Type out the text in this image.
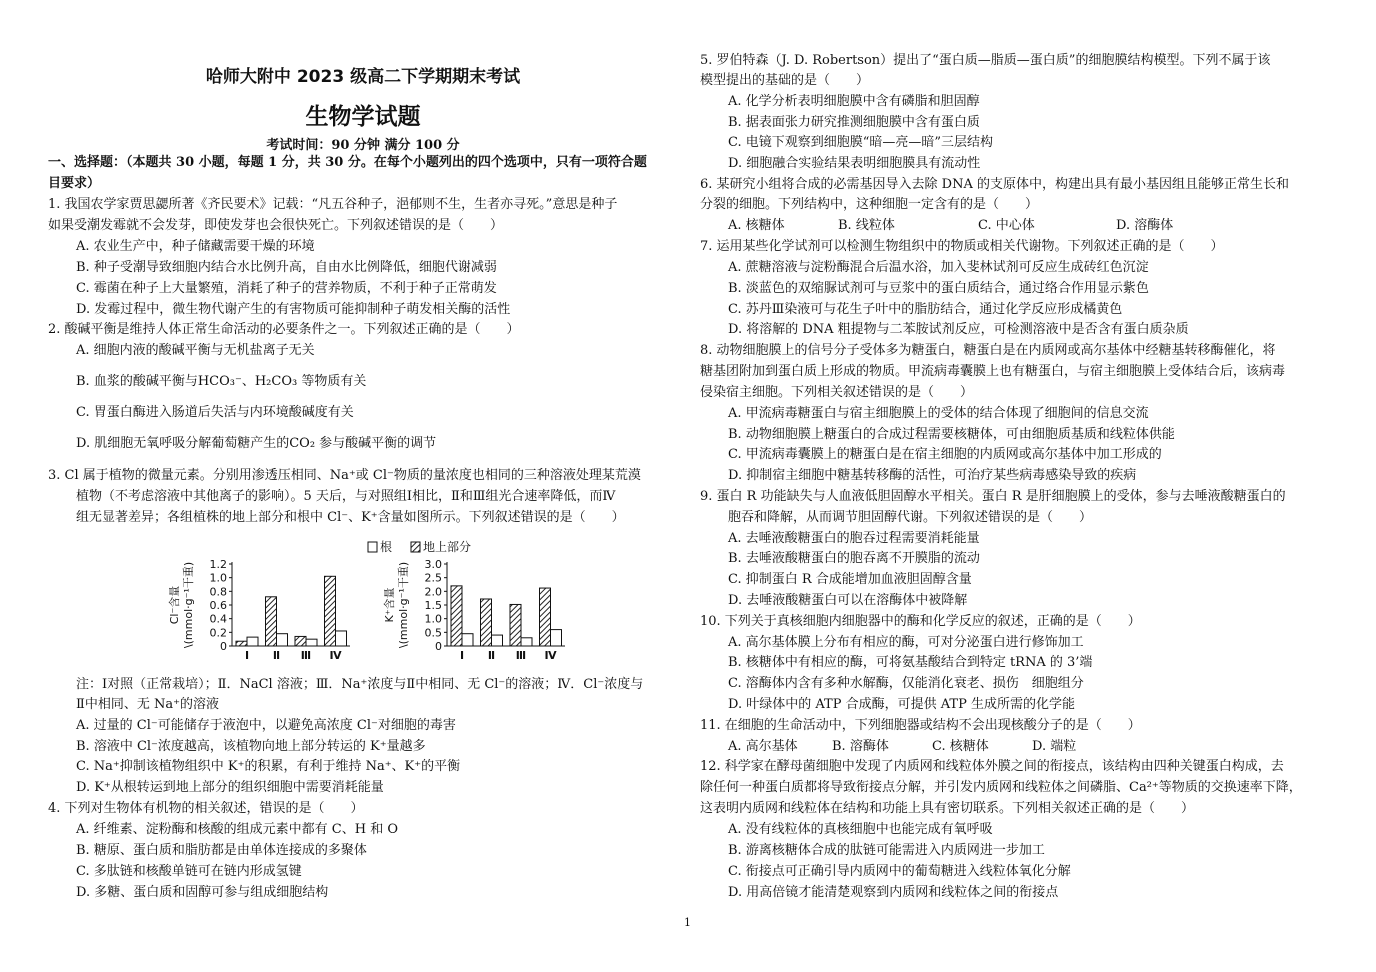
哈师大附中 2023 级高二下学期期末考试
生物学试题
考试时间：90 分钟 满分 100 分
一、选择题：（本题共 30 小题，每题 1 分，共 30 分。在每个小题列出的四个选项中，只有一项符合题
目要求）
1. 我国农学家贾思勰所著《齐民要术》记载：“凡五谷种子，浥郁则不生，生者亦寻死。”意思是种子
如果受潮发霉就不会发芽，即使发芽也会很快死亡。下列叙述错误的是（　　）
A. 农业生产中，种子储藏需要干燥的环境
B. 种子受潮导致细胞内结合水比例升高，自由水比例降低，细胞代谢减弱
C. 霉菌在种子上大量繁殖，消耗了种子的营养物质，不利于种子正常萌发
D. 发霉过程中，微生物代谢产生的有害物质可能抑制种子萌发相关酶的活性
2. 酸碱平衡是维持人体正常生命活动的必要条件之一。下列叙述正确的是（　　）
A. 细胞内液的酸碱平衡与无机盐离子无关
B. 血浆的酸碱平衡与HCO₃⁻、H₂CO₃ 等物质有关
C. 胃蛋白酶进入肠道后失活与内环境酸碱度有关
D. 肌细胞无氧呼吸分解葡萄糖产生的CO₂ 参与酸碱平衡的调节
3. Cl 属于植物的微量元素。分别用渗透压相同、Na⁺或 Cl⁻物质的量浓度也相同的三种溶液处理某荒漠
植物（不考虑溶液中其他离子的影响）。5 天后，与对照组Ⅰ相比，Ⅱ和Ⅲ组光合速率降低，而Ⅳ
组无显著差异；各组植株的地上部分和根中 Cl⁻、K⁺含量如图所示。下列叙述错误的是（　　）
根	地上部分
0
0.2
0.4
0.6
0.8
1.0
1.2
Cl⁻含量 \(mmol·g⁻¹干重)
Ⅰ Ⅱ Ⅲ Ⅳ
0
0.5
1.0
1.5
2.0
2.5
3.0
K⁺含量 \(mmol·g⁻¹干重)
Ⅰ Ⅱ Ⅲ Ⅳ
注：Ⅰ对照（正常栽培）；Ⅱ．NaCl 溶液；Ⅲ．Na⁺浓度与Ⅱ中相同、无 Cl⁻的溶液；Ⅳ．Cl⁻浓度与
Ⅱ中相同、无 Na⁺的溶液
A. 过量的 Cl⁻可能储存于液泡中，以避免高浓度 Cl⁻对细胞的毒害
B. 溶液中 Cl⁻浓度越高，该植物向地上部分转运的 K⁺量越多
C. Na⁺抑制该植物组织中 K⁺的积累，有利于维持 Na⁺、K⁺的平衡
D. K⁺从根转运到地上部分的组织细胞中需要消耗能量
4. 下列对生物体有机物的相关叙述，错误的是（　　）
A. 纤维素、淀粉酶和核酸的组成元素中都有 C、H 和 O
B. 糖原、蛋白质和脂肪都是由单体连接成的多聚体
C. 多肽链和核酸单链可在链内形成氢键
D. 多糖、蛋白质和固醇可参与组成细胞结构
5. 罗伯特森（J. D. Robertson）提出了“蛋白质—脂质—蛋白质”的细胞膜结构模型。下列不属于该
模型提出的基础的是（　　）
A. 化学分析表明细胞膜中含有磷脂和胆固醇
B. 据表面张力研究推测细胞膜中含有蛋白质
C. 电镜下观察到细胞膜“暗—亮—暗”三层结构
D. 细胞融合实验结果表明细胞膜具有流动性
6. 某研究小组将合成的必需基因导入去除 DNA 的支原体中，构建出具有最小基因组且能够正常生长和
分裂的细胞。下列结构中，这种细胞一定含有的是（　　）
A. 核糖体	B. 线粒体	C. 中心体	D. 溶酶体
7. 运用某些化学试剂可以检测生物组织中的物质或相关代谢物。下列叙述正确的是（　　）
A. 蔗糖溶液与淀粉酶混合后温水浴，加入斐林试剂可反应生成砖红色沉淀
B. 淡蓝色的双缩脲试剂可与豆浆中的蛋白质结合，通过络合作用显示紫色
C. 苏丹Ⅲ染液可与花生子叶中的脂肪结合，通过化学反应形成橘黄色
D. 将溶解的 DNA 粗提物与二苯胺试剂反应，可检测溶液中是否含有蛋白质杂质
8. 动物细胞膜上的信号分子受体多为糖蛋白，糖蛋白是在内质网或高尔基体中经糖基转移酶催化，将
糖基团附加到蛋白质上形成的物质。甲流病毒囊膜上也有糖蛋白，与宿主细胞膜上受体结合后，该病毒
侵染宿主细胞。下列相关叙述错误的是（　　）
A. 甲流病毒糖蛋白与宿主细胞膜上的受体的结合体现了细胞间的信息交流
B. 动物细胞膜上糖蛋白的合成过程需要核糖体，可由细胞质基质和线粒体供能
C. 甲流病毒囊膜上的糖蛋白是在宿主细胞的内质网或高尔基体中加工形成的
D. 抑制宿主细胞中糖基转移酶的活性，可治疗某些病毒感染导致的疾病
9. 蛋白 R 功能缺失与人血液低胆固醇水平相关。蛋白 R 是肝细胞膜上的受体，参与去唾液酸糖蛋白的
胞吞和降解，从而调节胆固醇代谢。下列叙述错误的是（　　）
A. 去唾液酸糖蛋白的胞吞过程需要消耗能量
B. 去唾液酸糖蛋白的胞吞离不开膜脂的流动
C. 抑制蛋白 R 合成能增加血液胆固醇含量
D. 去唾液酸糖蛋白可以在溶酶体中被降解
10. 下列关于真核细胞内细胞器中的酶和化学反应的叙述，正确的是（　　）
A. 高尔基体膜上分布有相应的酶，可对分泌蛋白进行修饰加工
B. 核糖体中有相应的酶，可将氨基酸结合到特定 tRNA 的 3’端
C. 溶酶体内含有多种水解酶，仅能消化衰老、损伤　细胞组分
D. 叶绿体中的 ATP 合成酶，可提供 ATP 生成所需的化学能
11. 在细胞的生命活动中，下列细胞器或结构不会出现核酸分子的是（　　）
A. 高尔基体	B. 溶酶体	C. 核糖体	D. 端粒
12. 科学家在酵母菌细胞中发现了内质网和线粒体外膜之间的衔接点，该结构由四种关键蛋白构成，去
除任何一种蛋白质都将导致衔接点分解，并引发内质网和线粒体之间磷脂、Ca²⁺等物质的交换速率下降，
这表明内质网和线粒体在结构和功能上具有密切联系。下列相关叙述正确的是（　　）
A. 没有线粒体的真核细胞中也能完成有氧呼吸
B. 游离核糖体合成的肽链可能需进入内质网进一步加工
C. 衔接点可正确引导内质网中的葡萄糖进入线粒体氧化分解
D. 用高倍镜才能清楚观察到内质网和线粒体之间的衔接点
1
